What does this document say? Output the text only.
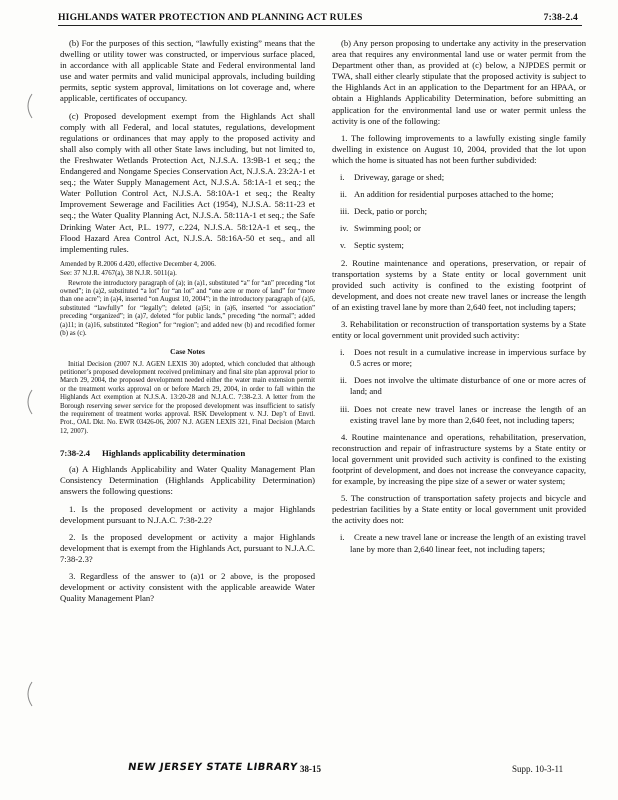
HIGHLANDS WATER PROTECTION AND PLANNING ACT RULES	7:38-2.4

(b) For the purposes of this section, “lawfully existing” means that the dwelling or utility tower was constructed, or impervious surface placed, in accordance with all applicable State and Federal environmental land use and water permits and valid municipal approvals, including building permits, septic system approval, limitations on lot coverage and, where applicable, certificates of occupancy.

(c) Proposed development exempt from the Highlands Act shall comply with all Federal, and local statutes, regulations, development regulations or ordinances that may apply to the proposed activity and shall also comply with all other State laws including, but not limited to, the Freshwater Wetlands Protection Act, N.J.S.A. 13:9B-1 et seq.; the Endangered and Nongame Species Conservation Act, N.J.S.A. 23:2A-1 et seq.; the Water Supply Management Act, N.J.S.A. 58:1A-1 et seq.; the Water Pollution Control Act, N.J.S.A. 58:10A-1 et seq.; the Realty Improvement Sewerage and Facilities Act (1954), N.J.S.A. 58:11-23 et seq.; the Water Quality Planning Act, N.J.S.A. 58:11A-1 et seq.; the Safe Drinking Water Act, P.L. 1977, c.224, N.J.S.A. 58:12A-1 et seq., the Flood Hazard Area Control Act, N.J.S.A. 58:16A-50 et seq., and all implementing rules.

Amended by R.2006 d.420, effective December 4, 2006.
See: 37 N.J.R. 4767(a), 38 N.J.R. 5011(a).
Rewrote the introductory paragraph of (a); in (a)1, substituted “a” for “an” preceding “lot owned”; in (a)2, substituted “a lot” for “an lot” and “one acre or more of land” for “more than one acre”; in (a)4, inserted “on August 10, 2004”; in the introductory paragraph of (a)5, substituted “lawfully” for “legally”; deleted (a)5i; in (a)6, inserted “or association” preceding “organized”; in (a)7, deleted “for public lands,” preceding “the normal”; added (a)11; in (a)16, substituted “Region” for “region”; and added new (b) and recodified former (b) as (c).
Case Notes
Initial Decision (2007 N.J. AGEN LEXIS 30) adopted, which concluded that although petitioner’s proposed development received preliminary and final site plan approval prior to March 29, 2004, the proposed development needed either the water main extension permit or the treatment works approval on or before March 29, 2004, in order to fall within the Highlands Act exemption at N.J.S.A. 13:20-28 and N.J.A.C. 7:38-2.3. A letter from the Borough reserving sewer service for the proposed development was insufficient to satisfy the requirement of treatment works approval. RSK Development v. N.J. Dep’t of Envtl. Prot., OAL Dkt. No. EWR 03426-06, 2007 N.J. AGEN LEXIS 321, Final Decision (March 12, 2007).
7:38-2.4 Highlands applicability determination

(a) A Highlands Applicability and Water Quality Management Plan Consistency Determination (Highlands Applicability Determination) answers the following questions:

1. Is the proposed development or activity a major Highlands development pursuant to N.J.A.C. 7:38-2.2?

2. Is the proposed development or activity a major Highlands development that is exempt from the Highlands Act, pursuant to N.J.A.C. 7:38-2.3?

3. Regardless of the answer to (a)1 or 2 above, is the proposed development or activity consistent with the applicable areawide Water Quality Management Plan?

(b) Any person proposing to undertake any activity in the preservation area that requires any environmental land use or water permit from the Department other than, as provided at (c) below, a NJPDES permit or TWA, shall either clearly stipulate that the proposed activity is subject to the Highlands Act in an application to the Department for an HPAA, or obtain a Highlands Applicability Determination, before submitting an application for the environmental land use or water permit unless the activity is one of the following:

1. The following improvements to a lawfully existing single family dwelling in existence on August 10, 2004, provided that the lot upon which the home is situated has not been further subdivided:

i. Driveway, garage or shed;

ii. An addition for residential purposes attached to the home;

iii. Deck, patio or porch;

iv. Swimming pool; or

v. Septic system;

2. Routine maintenance and operations, preservation, or repair of transportation systems by a State entity or local government unit provided such activity is confined to the existing footprint of development, and does not create new travel lanes or increase the length of an existing travel lane by more than 2,640 feet, not including tapers;

3. Rehabilitation or reconstruction of transportation systems by a State entity or local government unit provided such activity:

i. Does not result in a cumulative increase in impervious surface by 0.5 acres or more;

ii. Does not involve the ultimate disturbance of one or more acres of land; and

iii. Does not create new travel lanes or increase the length of an existing travel lane by more than 2,640 feet, not including tapers;

4. Routine maintenance and operations, rehabilitation, preservation, reconstruction and repair of infrastructure systems by a State entity or local government unit provided such activity is confined to the existing footprint of development, and does not increase the conveyance capacity, for example, by increasing the pipe size of a sewer or water system;

5. The construction of transportation safety projects and bicycle and pedestrian facilities by a State entity or local government unit provided the activity does not:

i. Create a new travel lane or increase the length of an existing travel lane by more than 2,640 linear feet, not including tapers;

NEW JERSEY STATE LIBRARY 38-15	Supp. 10-3-11
